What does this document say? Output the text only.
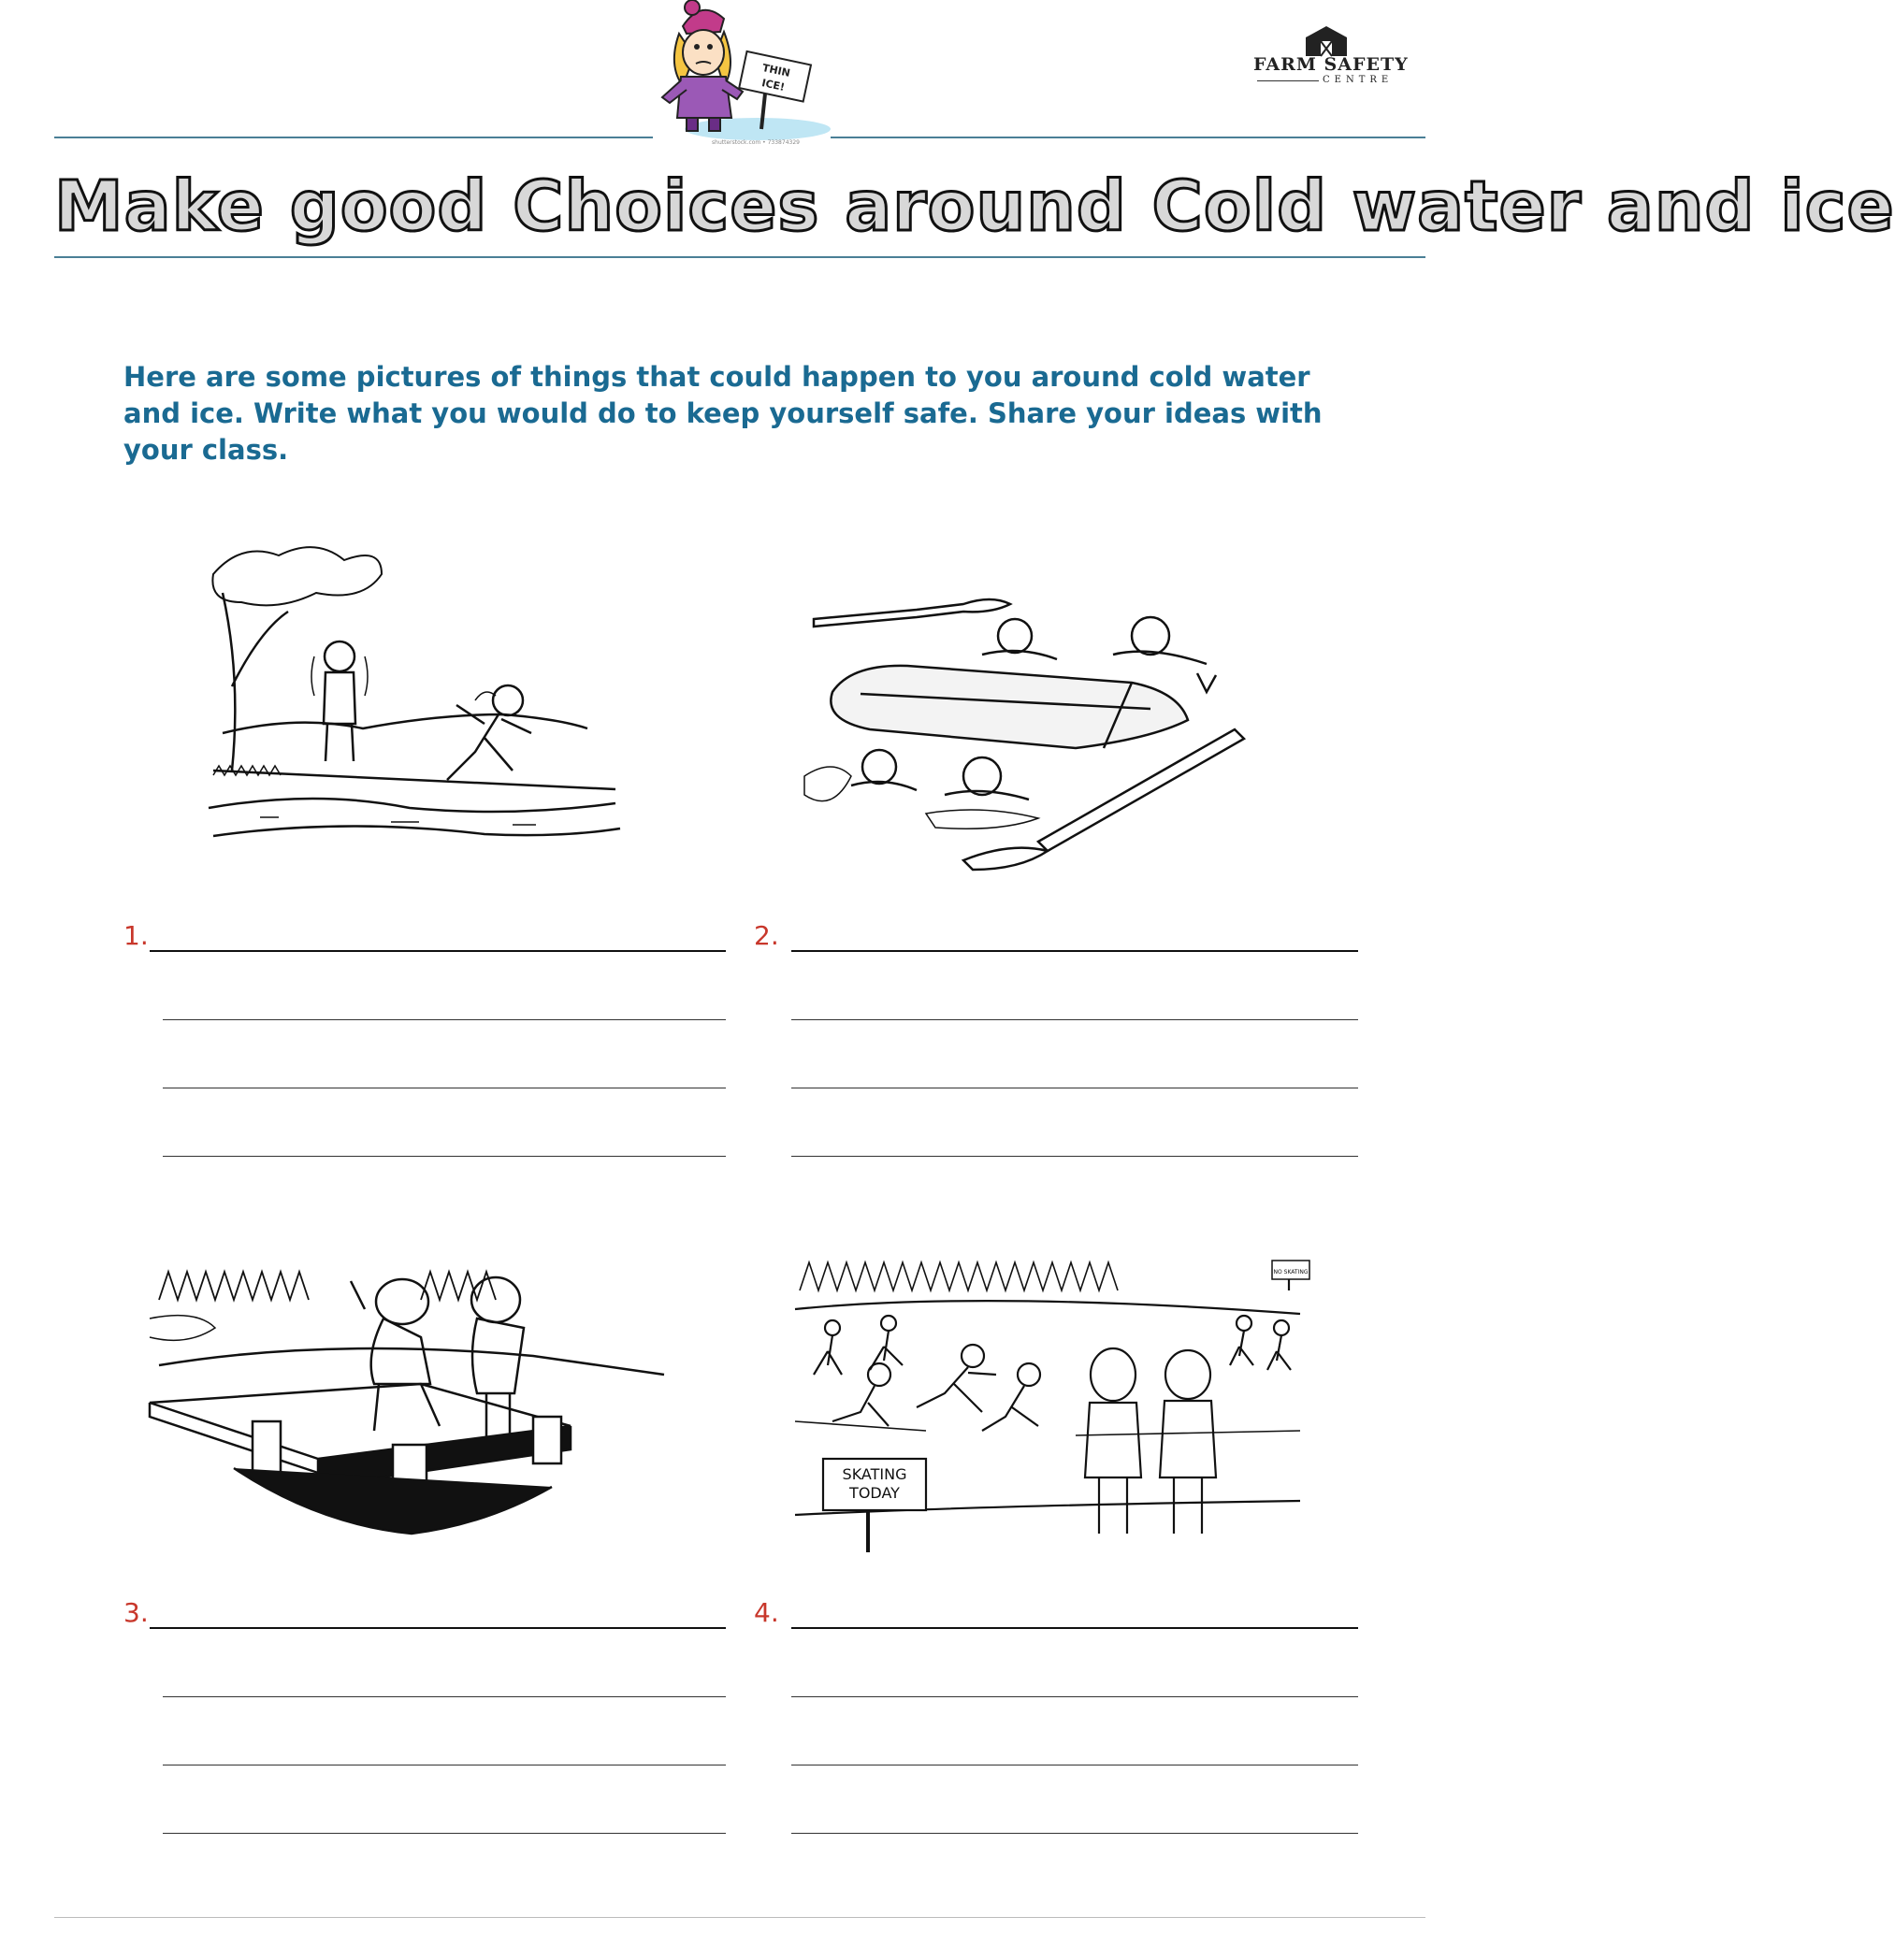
THIN
ICE!
shutterstock.com • 733874329
FARM SAFETY
CENTRE
Make good Choices around Cold water and ice
Here are some pictures of things that could happen to you around cold water and ice. Write what you would do to keep yourself safe. Share your ideas with your class.
1.	2.
NO SKATING
SKATING
TODAY
3.	4.
